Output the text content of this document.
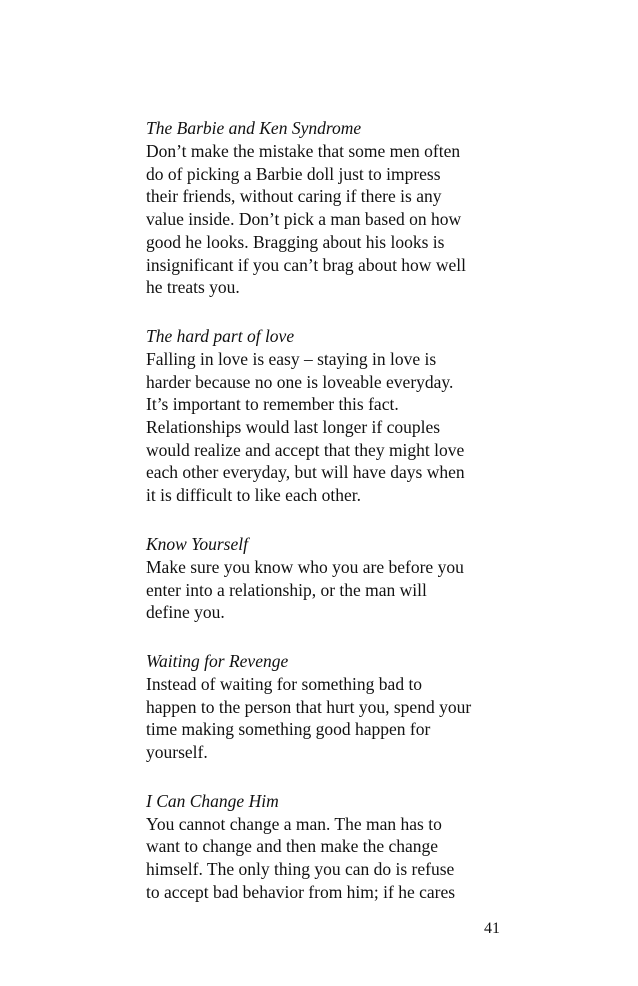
The Barbie and Ken Syndrome
Don’t make the mistake that some men often
do of picking a Barbie doll just to impress
their friends, without caring if there is any
value inside. Don’t pick a man based on how
good he looks. Bragging about his looks is
insignificant if you can’t brag about how well
he treats you.
The hard part of love
Falling in love is easy – staying in love is
harder because no one is loveable everyday.
It’s important to remember this fact.
Relationships would last longer if couples
would realize and accept that they might love
each other everyday, but will have days when
it is difficult to like each other.
Know Yourself
Make sure you know who you are before you
enter into a relationship, or the man will
define you.
Waiting for Revenge
Instead of waiting for something bad to
happen to the person that hurt you, spend your
time making something good happen for
yourself.
I Can Change Him
You cannot change a man. The man has to
want to change and then make the change
himself. The only thing you can do is refuse
to accept bad behavior from him; if he cares
41
